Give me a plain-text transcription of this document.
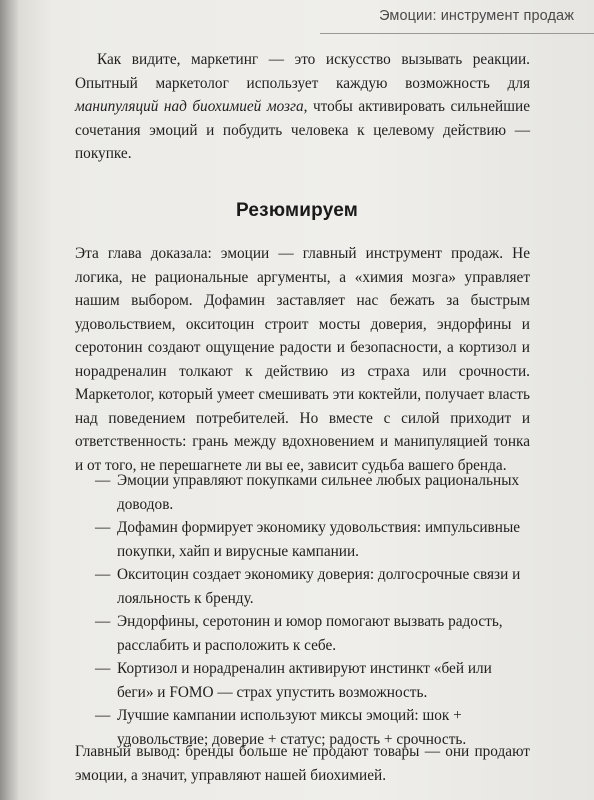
Эмоции: инструмент продаж

Как видите, маркетинг — это искусство вызывать реакции. Опытный маркетолог использует каждую возможность для манипуляций над биохимией мозга, чтобы активировать сильнейшие сочетания эмоций и побудить человека к целевому действию — покупке.

Резюмируем

Эта глава доказала: эмоции — главный инструмент продаж. Не логика, не рациональные аргументы, а «химия мозга» управляет нашим выбором. Дофамин заставляет нас бежать за быстрым удовольствием, окситоцин строит мосты доверия, эндорфины и серотонин создают ощущение радости и безопасности, а кортизол и норадреналин толкают к действию из страха или срочности. Маркетолог, который умеет смешивать эти коктейли, получает власть над поведением потребителей. Но вместе с силой приходит и ответственность: грань между вдохновением и манипуляцией тонка и от того, не перешагнете ли вы ее, зависит судьба вашего бренда.

— Эмоции управляют покупками сильнее любых рациональных доводов.
— Дофамин формирует экономику удовольствия: импульсивные покупки, хайп и вирусные кампании.
— Окситоцин создает экономику доверия: долгосрочные связи и лояльность к бренду.
— Эндорфины, серотонин и юмор помогают вызвать радость, расслабить и расположить к себе.
— Кортизол и норадреналин активируют инстинкт «бей или беги» и FOMO — страх упустить возможность.
— Лучшие кампании используют миксы эмоций: шок + удовольствие; доверие + статус; радость + срочность.

Главный вывод: бренды больше не продают товары — они продают эмоции, а значит, управляют нашей биохимией.
